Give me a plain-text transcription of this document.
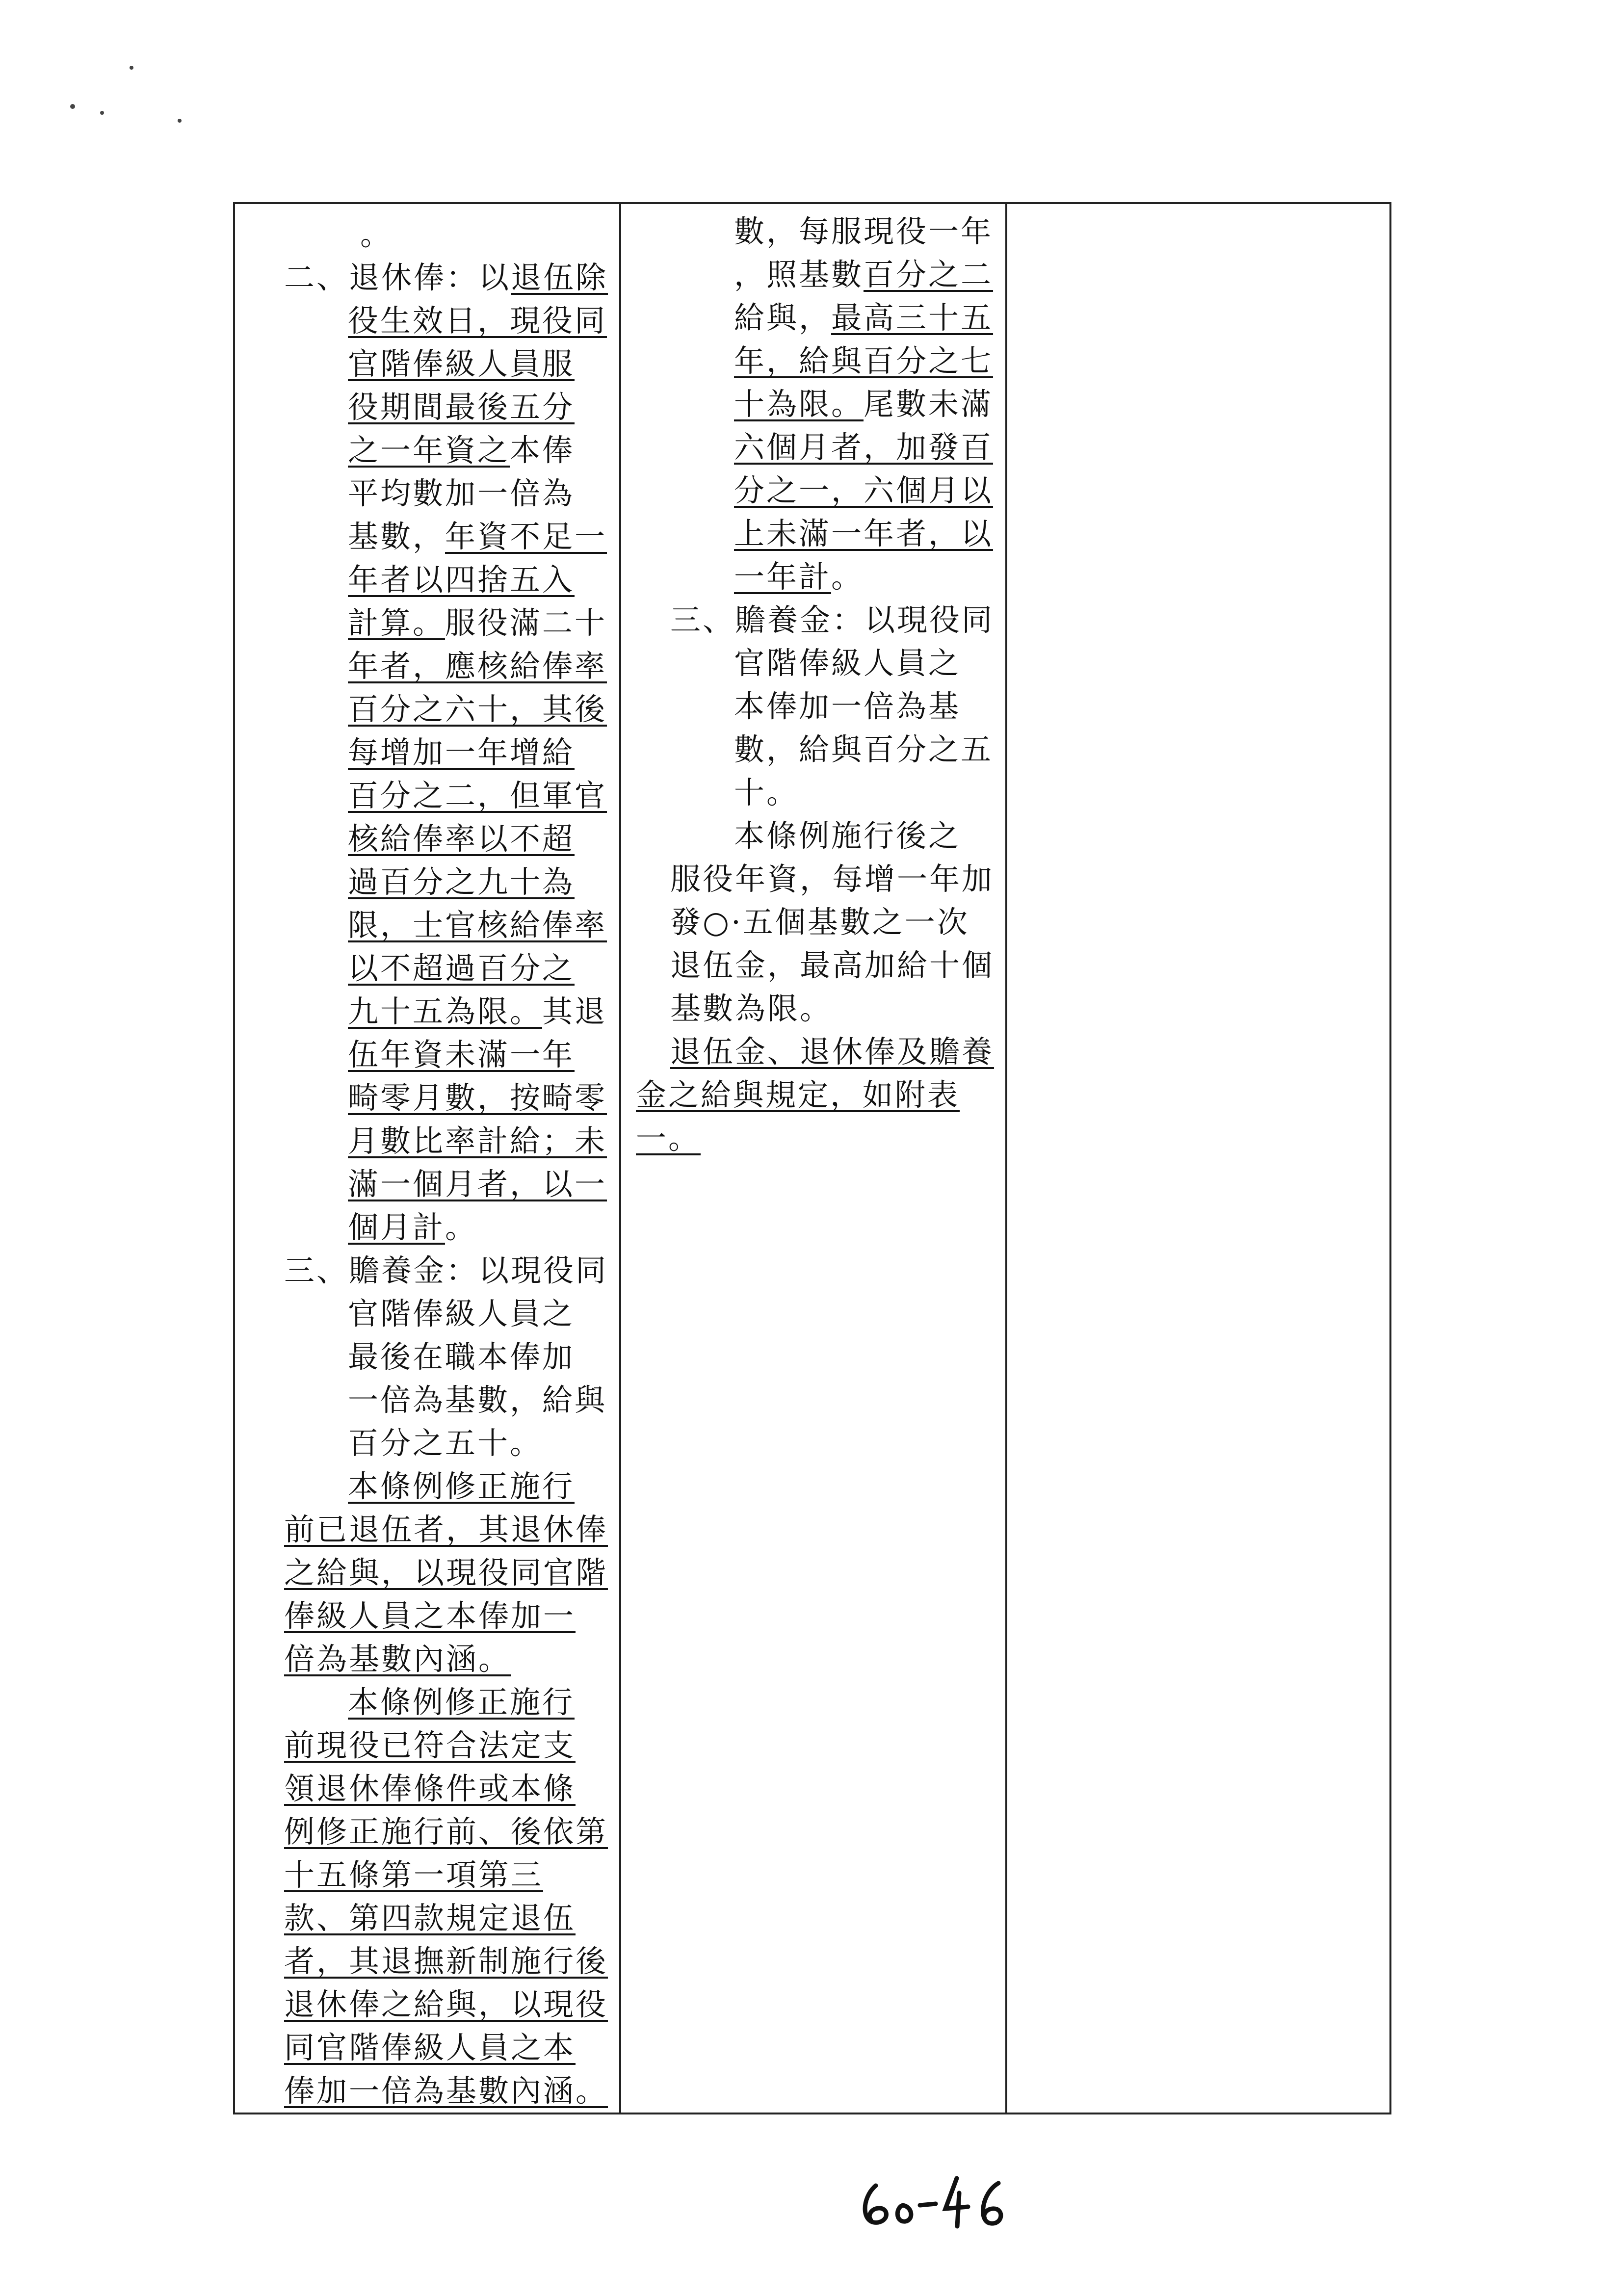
。
二、退休俸：以退伍除
役生效日，現役同
官階俸級人員服
役期間最後五分
之一年資之本俸
平均數加一倍為
基數，年資不足一
年者以四捨五入
計算。服役滿二十
年者，應核給俸率
百分之六十，其後
每增加一年增給
百分之二，但軍官
核給俸率以不超
過百分之九十為
限，士官核給俸率
以不超過百分之
九十五為限。其退
伍年資未滿一年
畸零月數，按畸零
月數比率計給；未
滿一個月者，以一
個月計。
三、贍養金：以現役同
官階俸級人員之
最後在職本俸加
一倍為基數，給與
百分之五十。
本條例修正施行
前已退伍者，其退休俸
之給與，以現役同官階
俸級人員之本俸加一
倍為基數內涵。
本條例修正施行
前現役已符合法定支
領退休俸條件或本條
例修正施行前、後依第
十五條第一項第三
款、第四款規定退伍
者，其退撫新制施行後
退休俸之給與，以現役
同官階俸級人員之本
俸加一倍為基數內涵。

數，每服現役一年
，照基數百分之二
給與，最高三十五
年，給與百分之七
十為限。尾數未滿
六個月者，加發百
分之一，六個月以
上未滿一年者，以
一年計。
三、贍養金：以現役同
官階俸級人員之
本俸加一倍為基
數，給與百分之五
十。
本條例施行後之
服役年資，每增一年加
發○·五個基數之一次
退伍金，最高加給十個
基數為限。
退伍金、退休俸及贍養
金之給與規定，如附表
一。
